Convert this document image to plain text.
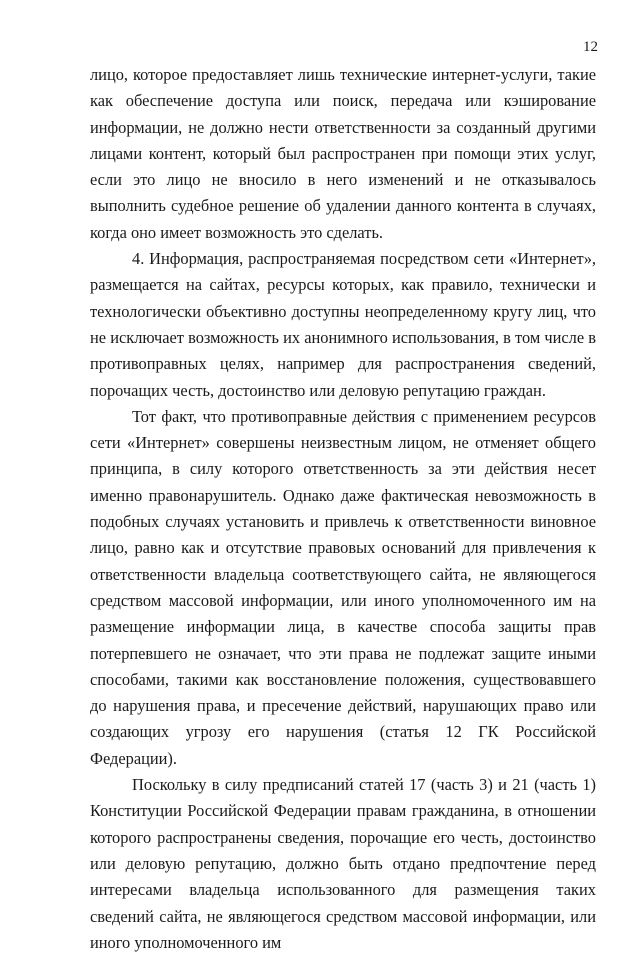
12

лицо, которое предоставляет лишь технические интернет-услуги, такие как обеспечение доступа или поиск, передача или кэширование информации, не должно нести ответственности за созданный другими лицами контент, который был распространен при помощи этих услуг, если это лицо не вносило в него изменений и не отказывалось выполнить судебное решение об удалении данного контента в случаях, когда оно имеет возможность это сделать.

4. Информация, распространяемая посредством сети «Интернет», размещается на сайтах, ресурсы которых, как правило, технически и технологически объективно доступны неопределенному кругу лиц, что не исключает возможность их анонимного использования, в том числе в противоправных целях, например для распространения сведений, порочащих честь, достоинство или деловую репутацию граждан.

Тот факт, что противоправные действия с применением ресурсов сети «Интернет» совершены неизвестным лицом, не отменяет общего принципа, в силу которого ответственность за эти действия несет именно правонарушитель. Однако даже фактическая невозможность в подобных случаях установить и привлечь к ответственности виновное лицо, равно как и отсутствие правовых оснований для привлечения к ответственности владельца соответствующего сайта, не являющегося средством массовой информации, или иного уполномоченного им на размещение информации лица, в качестве способа защиты прав потерпевшего не означает, что эти права не подлежат защите иными способами, такими как восстановление положения, существовавшего до нарушения права, и пресечение действий, нарушающих право или создающих угрозу его нарушения (статья 12 ГК Российской Федерации).

Поскольку в силу предписаний статей 17 (часть 3) и 21 (часть 1) Конституции Российской Федерации правам гражданина, в отношении которого распространены сведения, порочащие его честь, достоинство или деловую репутацию, должно быть отдано предпочтение перед интересами владельца использованного для размещения таких сведений сайта, не являющегося средством массовой информации, или иного уполномоченного им
